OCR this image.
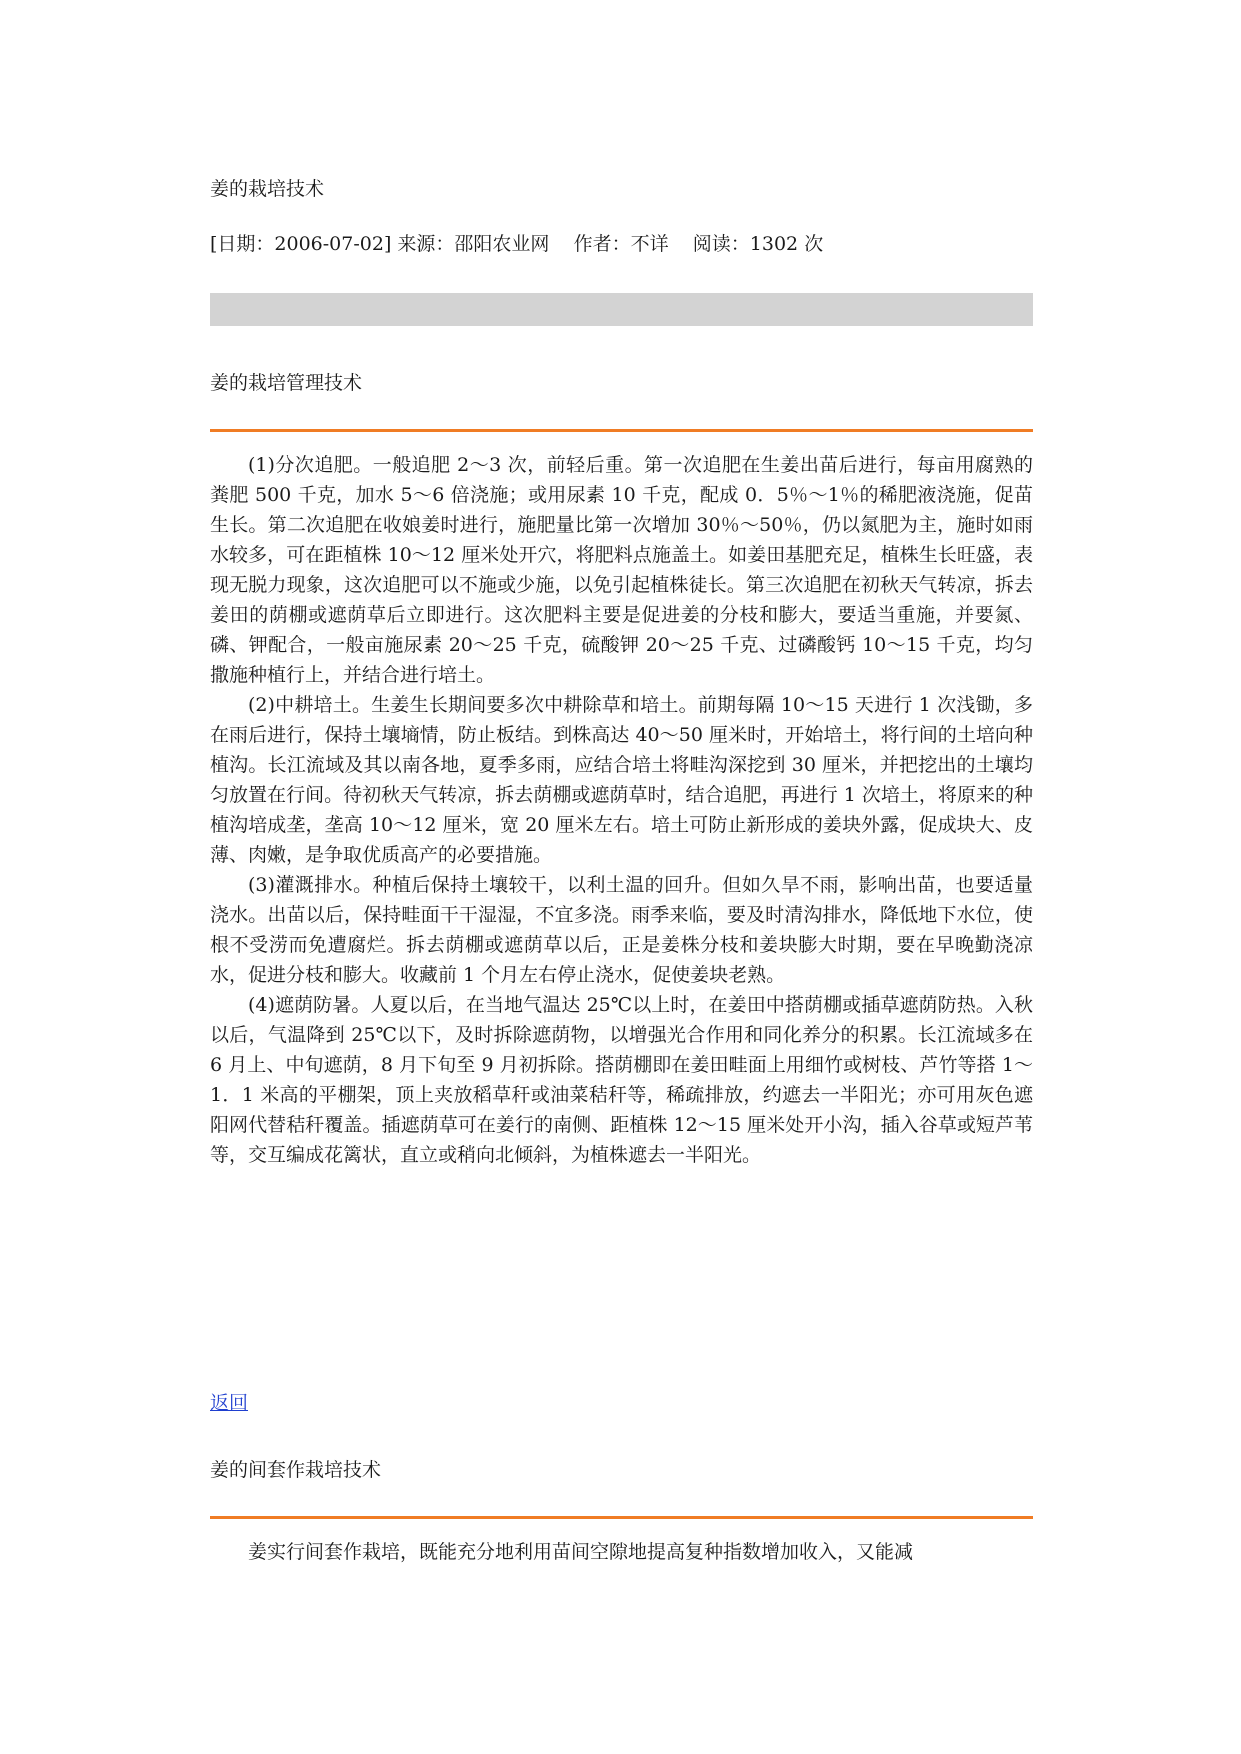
姜的栽培技术
[日期：2006-07-02] 来源：邵阳农业网 作者：不详 阅读：1302 次
姜的栽培管理技术

(1)分次追肥。一般追肥 2～3 次，前轻后重。第一次追肥在生姜出苗后进行，每亩用腐熟的粪肥 500 千克，加水 5～6 倍浇施；或用尿素 10 千克，配成 0．5％～1％的稀肥液浇施，促苗生长。第二次追肥在收娘姜时进行，施肥量比第一次增加 30％～50％，仍以氮肥为主，施时如雨水较多，可在距植株 10～12 厘米处开穴，将肥料点施盖土。如姜田基肥充足，植株生长旺盛，表现无脱力现象，这次追肥可以不施或少施，以免引起植株徒长。第三次追肥在初秋天气转凉，拆去姜田的荫棚或遮荫草后立即进行。这次肥料主要是促进姜的分枝和膨大，要适当重施，并要氮、磷、钾配合，一般亩施尿素 20～25 千克，硫酸钾 20～25 千克、过磷酸钙 10～15 千克，均匀撒施种植行上，并结合进行培土。

(2)中耕培土。生姜生长期间要多次中耕除草和培土。前期每隔 10～15 天进行 1 次浅锄，多在雨后进行，保持土壤墒情，防止板结。到株高达 40～50 厘米时，开始培土，将行间的土培向种植沟。长江流域及其以南各地，夏季多雨，应结合培土将畦沟深挖到 30 厘米，并把挖出的土壤均匀放置在行间。待初秋天气转凉，拆去荫棚或遮荫草时，结合追肥，再进行 1 次培土，将原来的种植沟培成垄，垄高 10～12 厘米，宽 20 厘米左右。培土可防止新形成的姜块外露，促成块大、皮薄、肉嫩，是争取优质高产的必要措施。

(3)灌溉排水。种植后保持土壤较干，以利土温的回升。但如久旱不雨，影响出苗，也要适量浇水。出苗以后，保持畦面干干湿湿，不宜多浇。雨季来临，要及时清沟排水，降低地下水位，使根不受涝而免遭腐烂。拆去荫棚或遮荫草以后，正是姜株分枝和姜块膨大时期，要在早晚勤浇凉水，促进分枝和膨大。收藏前 1 个月左右停止浇水，促使姜块老熟。

(4)遮荫防暑。人夏以后，在当地气温达 25℃以上时，在姜田中搭荫棚或插草遮荫防热。入秋以后，气温降到 25℃以下，及时拆除遮荫物，以增强光合作用和同化养分的积累。长江流域多在 6 月上、中旬遮荫，8 月下旬至 9 月初拆除。搭荫棚即在姜田畦面上用细竹或树枝、芦竹等搭 1～1．1 米高的平棚架，顶上夹放稻草秆或油菜秸秆等，稀疏排放，约遮去一半阳光；亦可用灰色遮阳网代替秸秆覆盖。插遮荫草可在姜行的南侧、距植株 12～15 厘米处开小沟，插入谷草或短芦苇等，交互编成花篱状，直立或稍向北倾斜，为植株遮去一半阳光。

返回
姜的间套作栽培技术

姜实行间套作栽培，既能充分地利用苗间空隙地提高复种指数增加收入，又能减
